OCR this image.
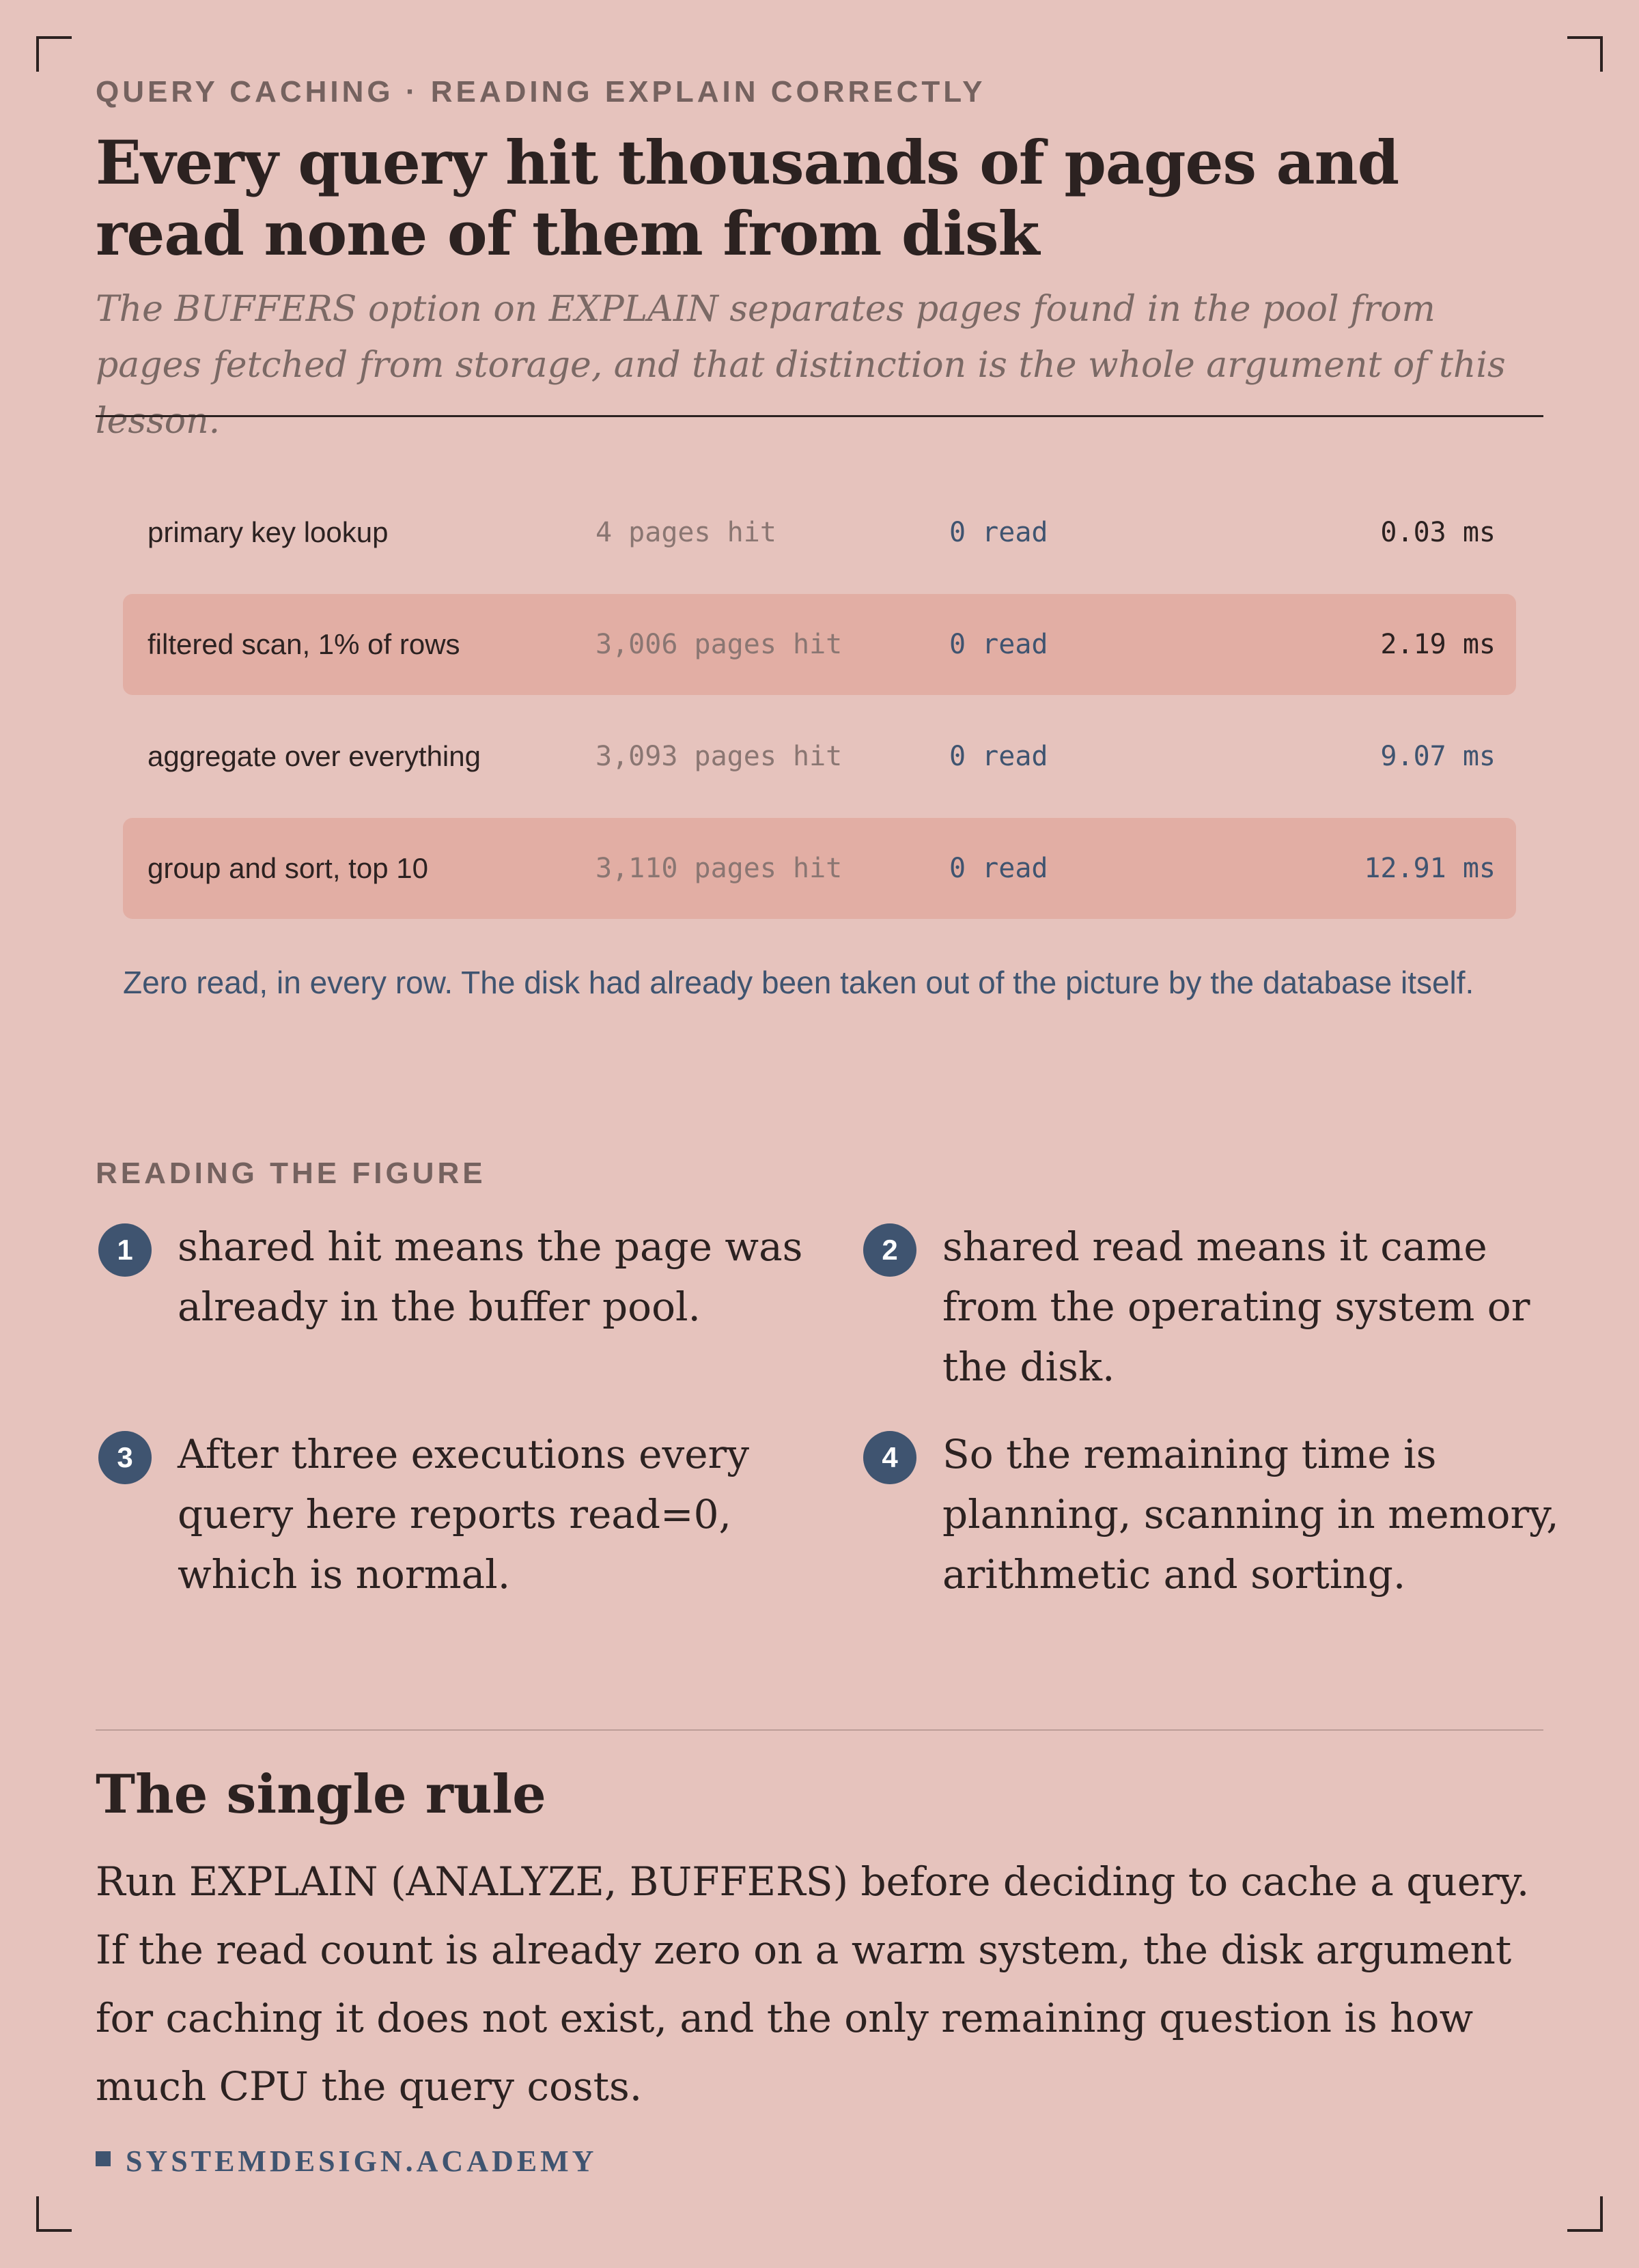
QUERY CACHING · READING EXPLAIN CORRECTLY
Every query hit thousands of pages and read none of them from disk

The BUFFERS option on EXPLAIN separates pages found in the pool from pages fetched from storage, and that distinction is the whole argument of this lesson.

primary key lookup	4 pages hit	0 read	0.03 ms
filtered scan, 1% of rows	3,006 pages hit	0 read	2.19 ms
aggregate over everything	3,093 pages hit	0 read	9.07 ms
group and sort, top 10	3,110 pages hit	0 read	12.91 ms

Zero read, in every row. The disk had already been taken out of the picture by the database itself.

READING THE FIGURE
1	shared hit means the page was already in the buffer pool.

2	shared read means it came from the operating system or the disk.

3	After three executions every query here reports read=0, which is normal.

4	So the remaining time is planning, scanning in memory, arithmetic and sorting.

The single rule

Run EXPLAIN (ANALYZE, BUFFERS) before deciding to cache a query. If the read count is already zero on a warm system, the disk argument for caching it does not exist, and the only remaining question is how much CPU the query costs.

SYSTEMDESIGN.ACADEMY
